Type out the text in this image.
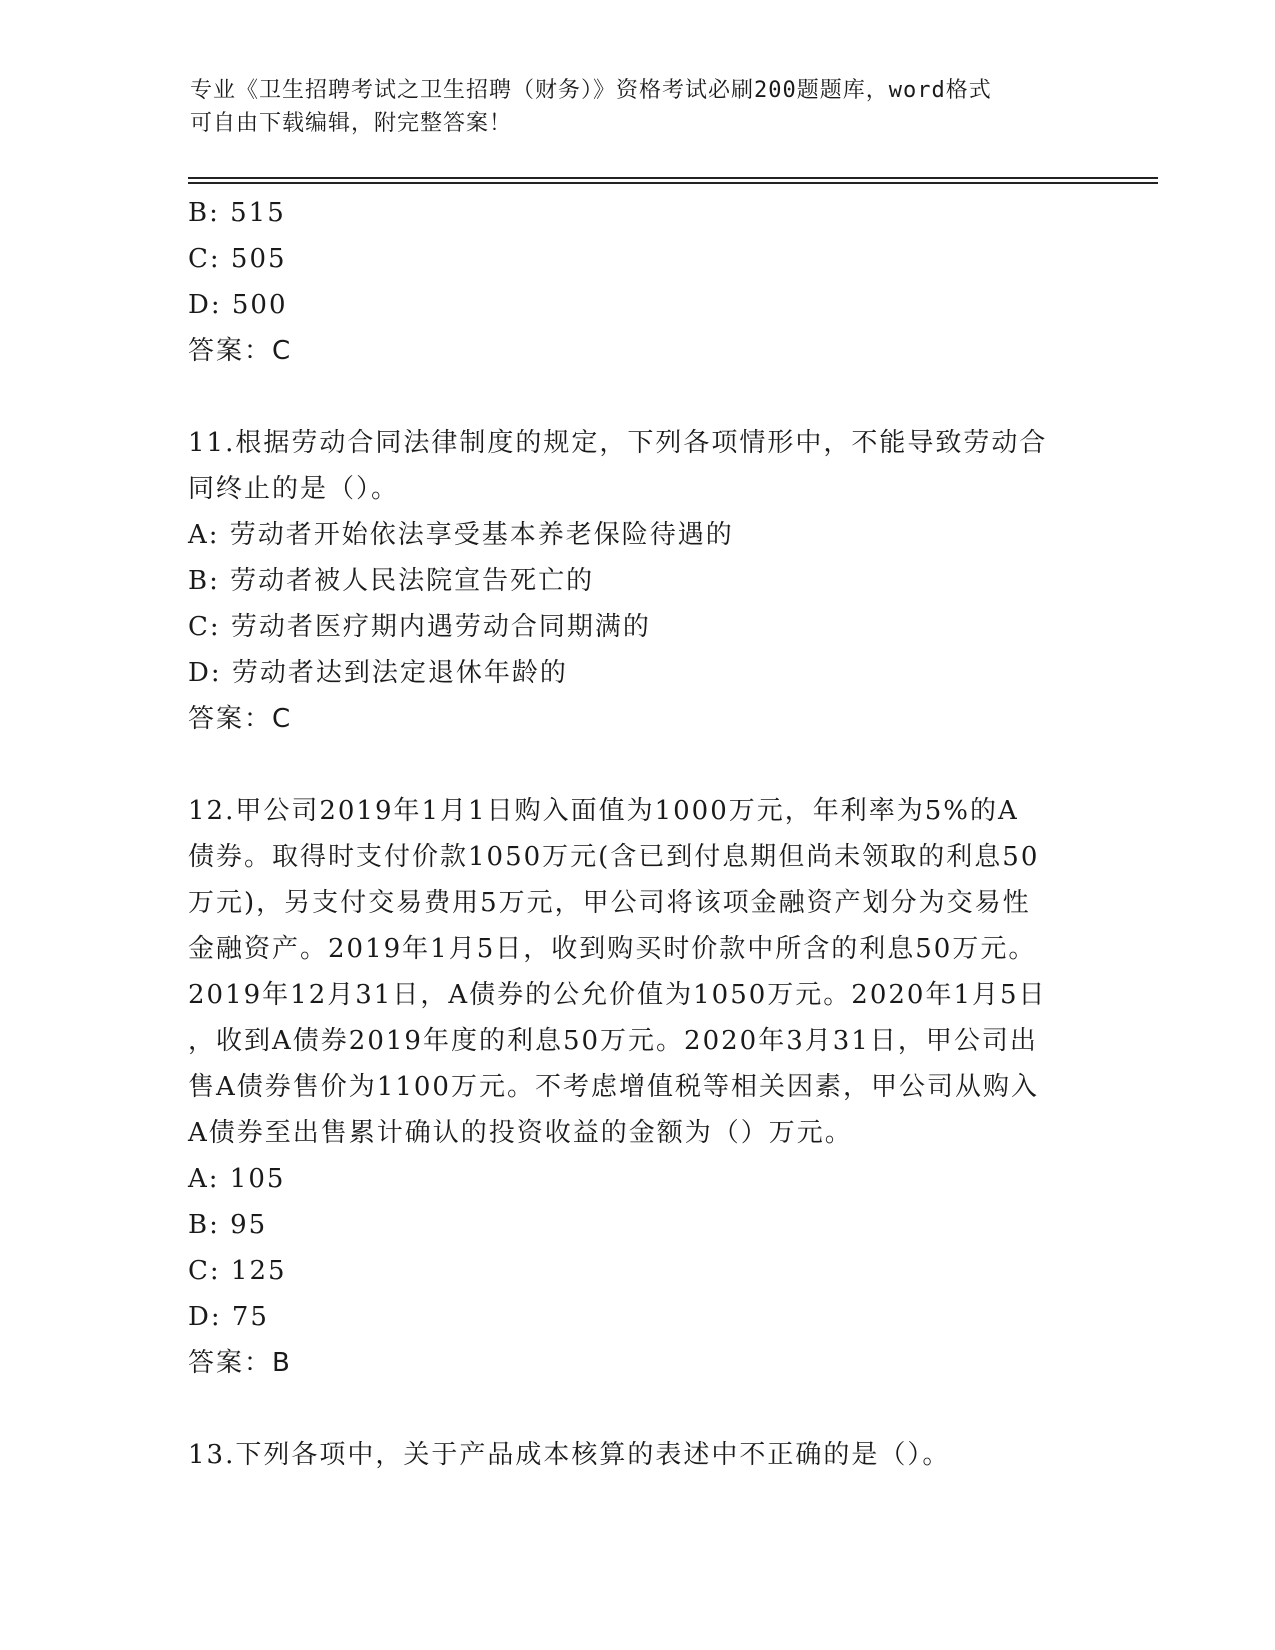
专业《卫生招聘考试之卫生招聘（财务）》资格考试必刷200题题库，word格式
可自由下载编辑，附完整答案！
B: 515
C: 505
D: 500
答案：C
11.根据劳动合同法律制度的规定，下列各项情形中，不能导致劳动合
同终止的是（）。
A: 劳动者开始依法享受基本养老保险待遇的
B: 劳动者被人民法院宣告死亡的
C: 劳动者医疗期内遇劳动合同期满的
D: 劳动者达到法定退休年龄的
答案：C
12.甲公司2019年1月1日购入面值为1000万元，年利率为5%的A
债券。取得时支付价款1050万元(含已到付息期但尚未领取的利息50
万元)，另支付交易费用5万元，甲公司将该项金融资产划分为交易性
金融资产。2019年1月5日，收到购买时价款中所含的利息50万元。
2019年12月31日，A债券的公允价值为1050万元。2020年1月5日
，收到A债券2019年度的利息50万元。2020年3月31日，甲公司出
售A债券售价为1100万元。不考虑增值税等相关因素，甲公司从购入
A债券至出售累计确认的投资收益的金额为（）万元。
A: 105
B: 95
C: 125
D: 75
答案：B
13.下列各项中，关于产品成本核算的表述中不正确的是（）。
